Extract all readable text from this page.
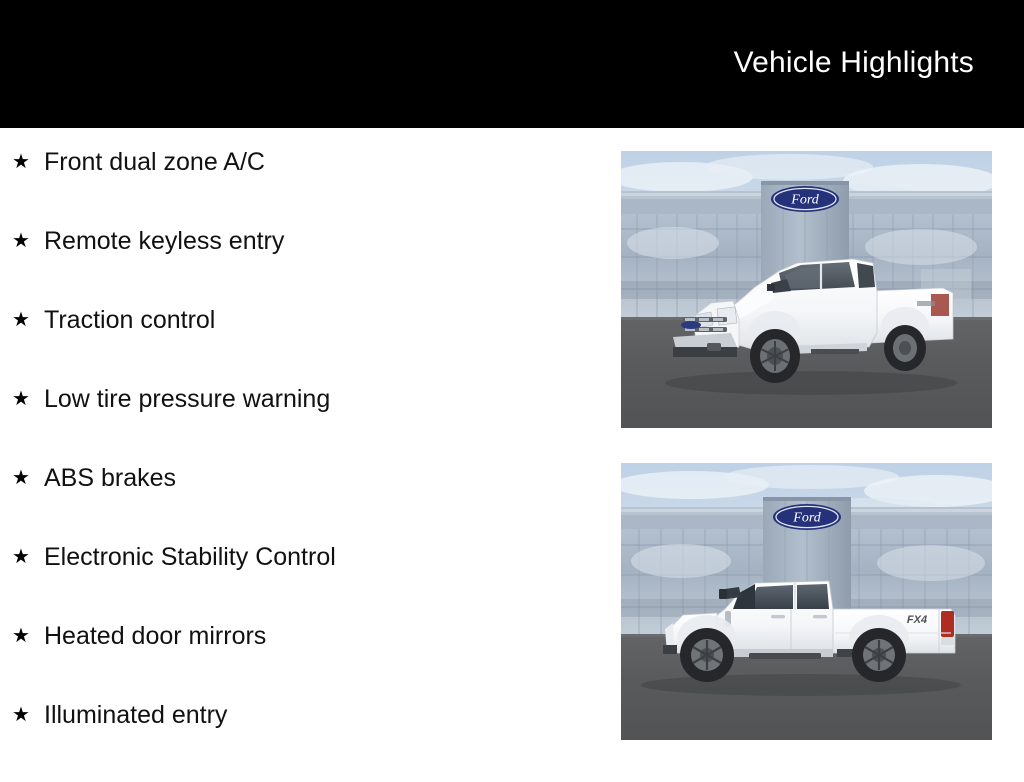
Vehicle Highlights
★ Front dual zone A/C
★ Remote keyless entry
★ Traction control
★ Low tire pressure warning
★ ABS brakes
★ Electronic Stability Control
★ Heated door mirrors
★ Illuminated entry
Ford
Ford
FX4
